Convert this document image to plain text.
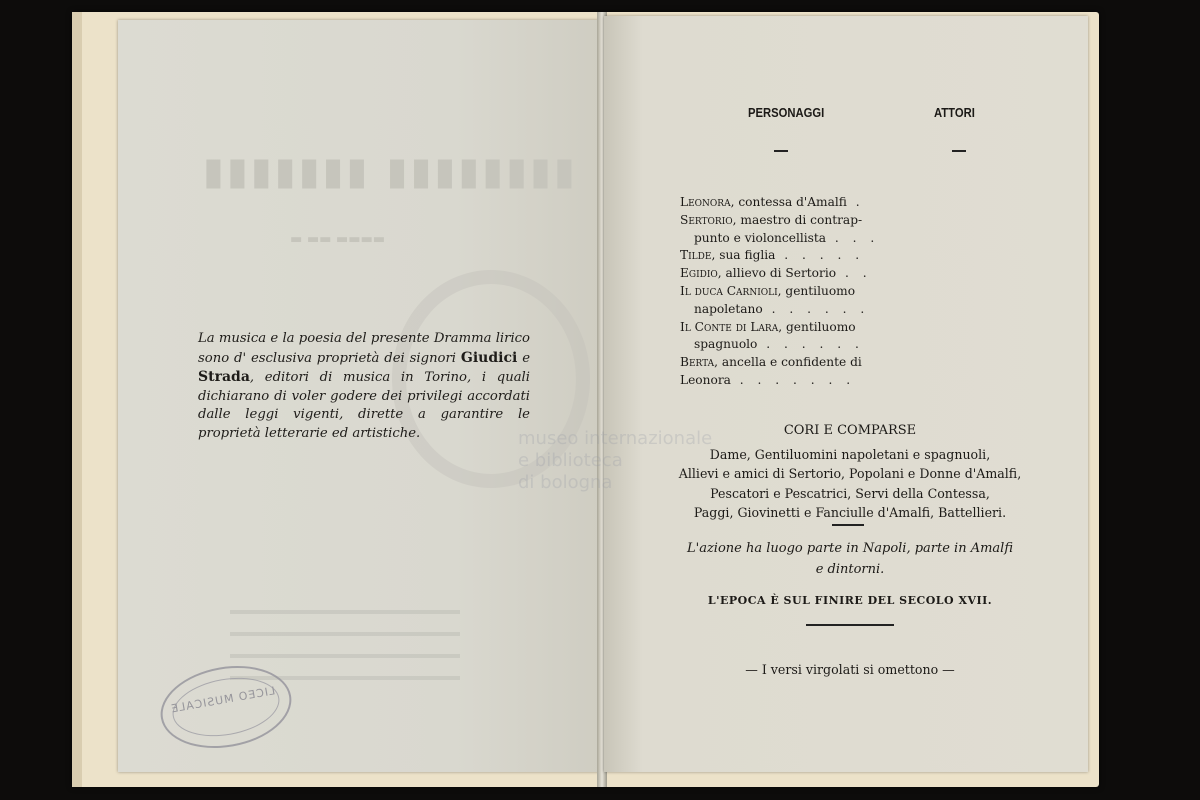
▮▮▮▮▮▮▮▮ ▮▮▮▮▮▮▮
▬▬▬▬ ▬▬ ▬
La musica e la poesia del presente Dramma lirico sono d' esclusiva proprietà dei signori Giudici e Strada, editori di musica in Torino, i quali dichiarano di voler godere dei privilegi accordati dalle leggi vigenti, dirette a garantire le proprietà letterarie ed artistiche.
LICEO MUSICALE
museo internazionale
e biblioteca
di bologna
PERSONAGGI	ATTORI
Leonora, contessa d'Amalfi .
Sertorio, maestro di contrap-
punto e violoncellista . . .
Tilde, sua figlia . . . . .
Egidio, allievo di Sertorio . .
Il duca Carnioli, gentiluomo
napoletano . . . . . .
Il Conte di Lara, gentiluomo
spagnuolo . . . . . .
Berta, ancella e confidente di
Leonora . . . . . . .
CORI E COMPARSE
Dame, Gentiluomini napoletani e spagnuoli,
Allievi e amici di Sertorio, Popolani e Donne d'Amalfi,
Pescatori e Pescatrici, Servi della Contessa,
Paggi, Giovinetti e Fanciulle d'Amalfi, Battellieri.
L'azione ha luogo parte in Napoli, parte in Amalfi
e dintorni.
L'EPOCA È SUL FINIRE DEL SECOLO XVII.
— I versi virgolati si omettono —
